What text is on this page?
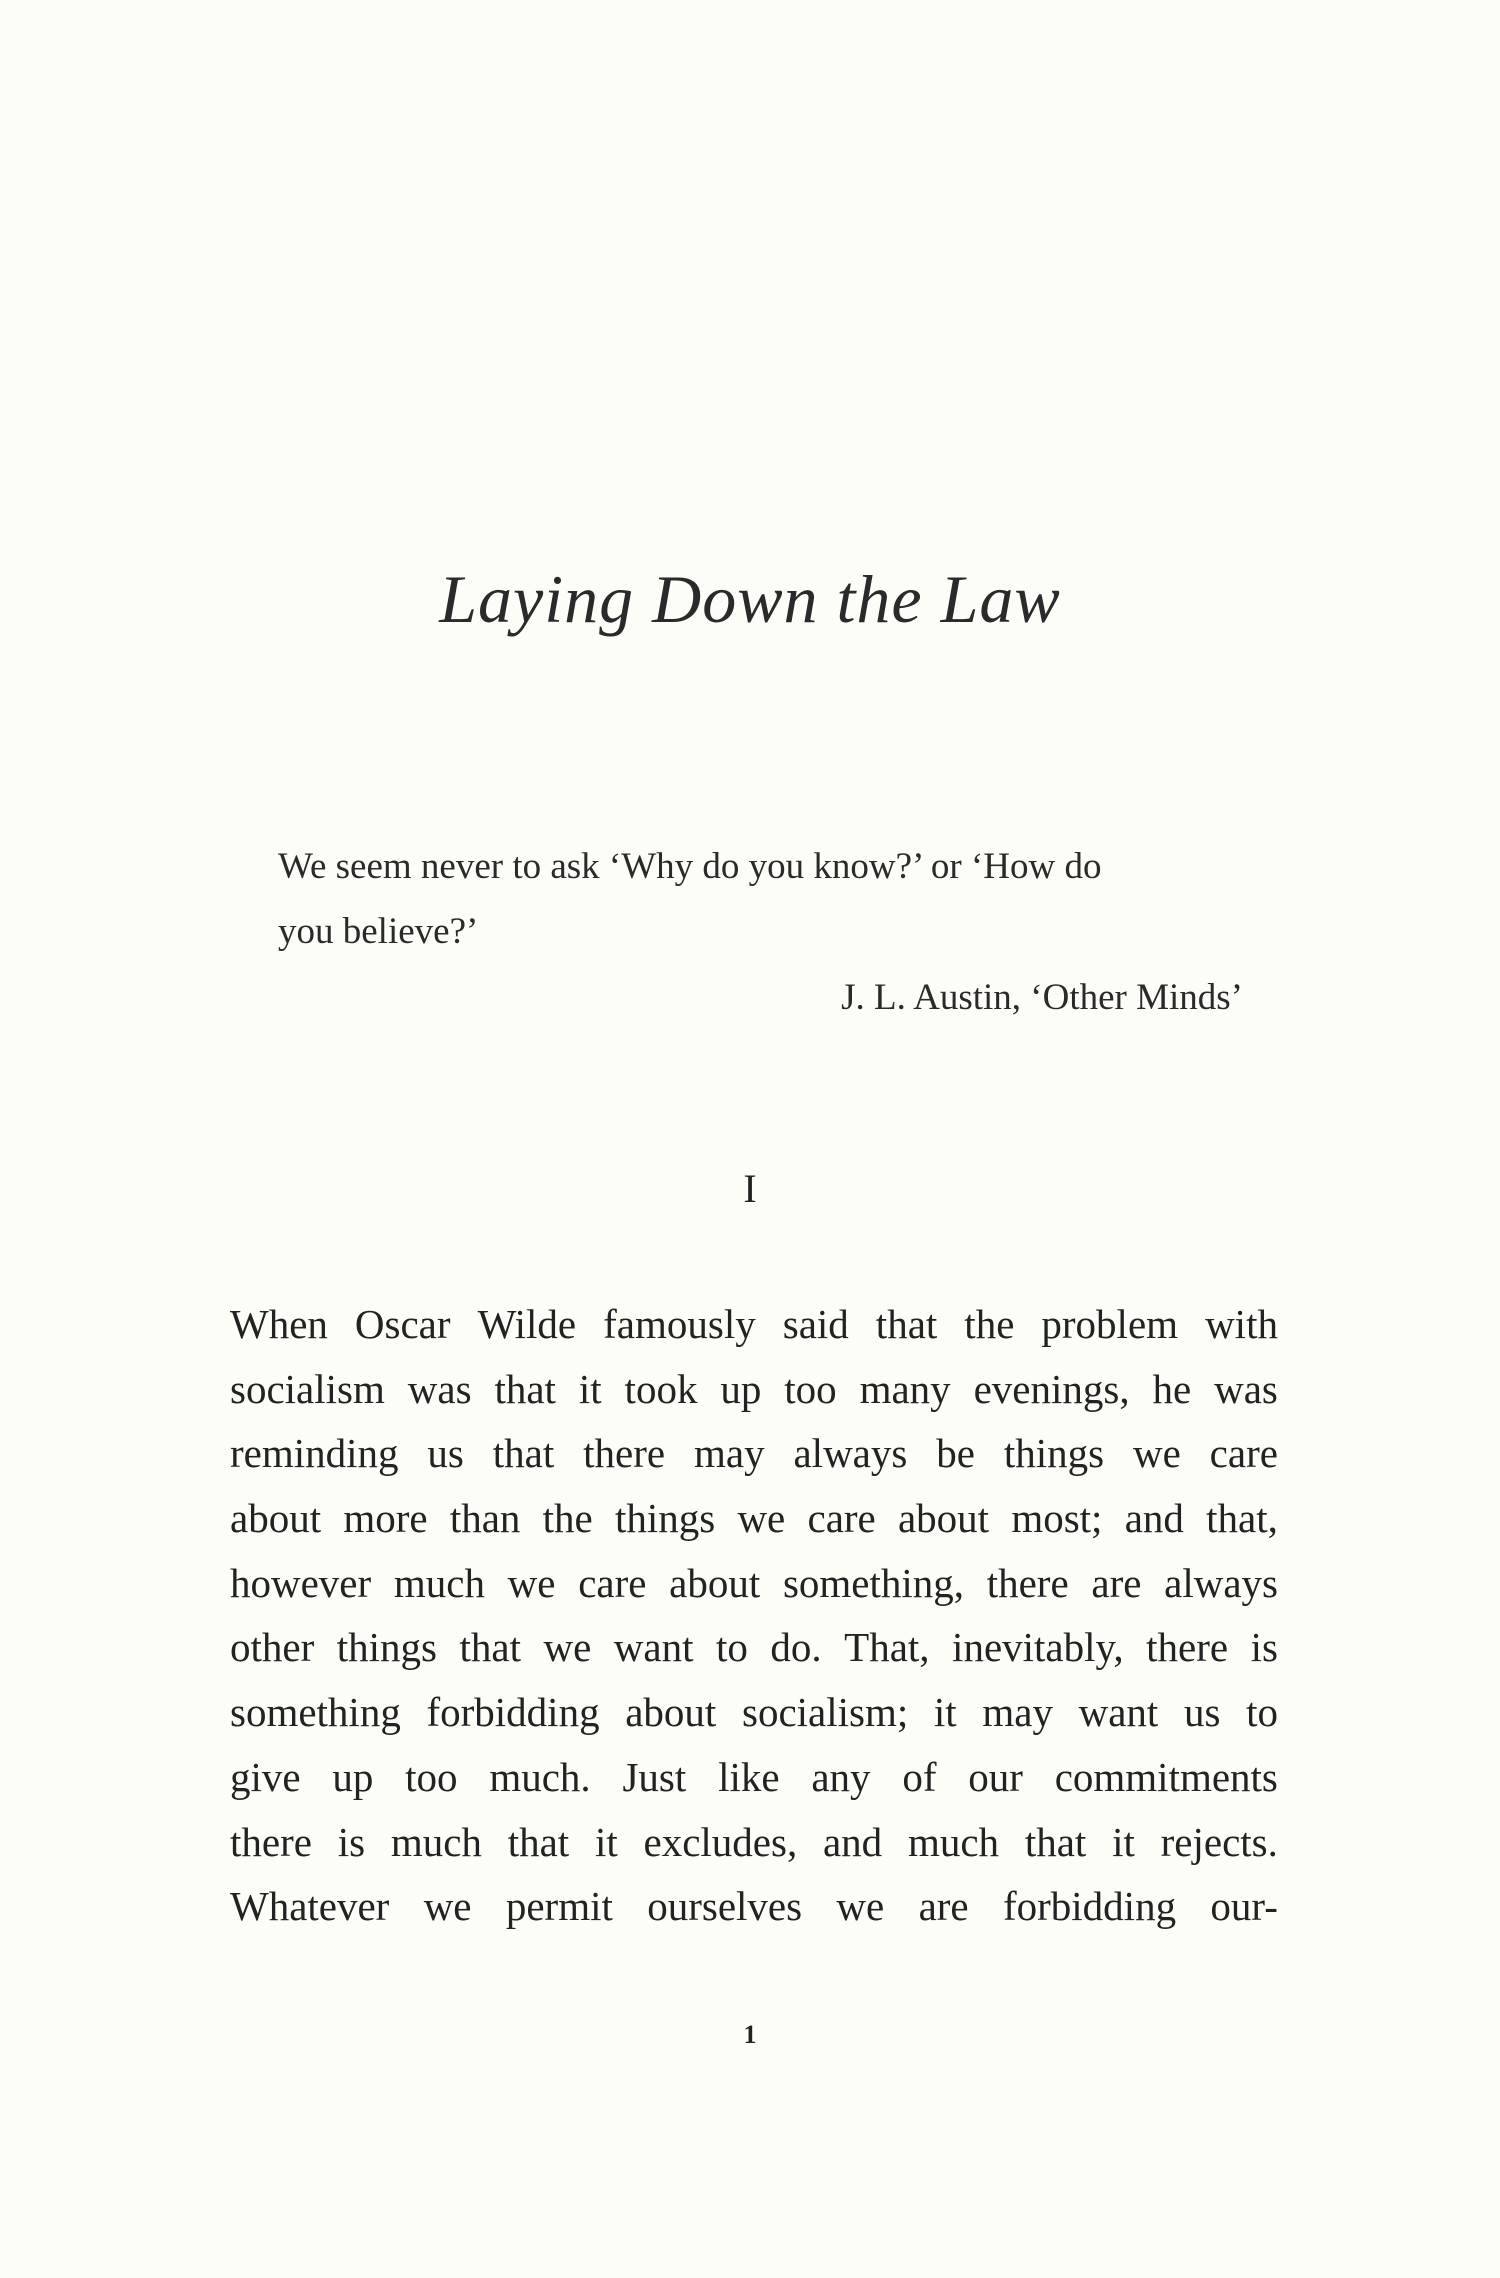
Laying Down the Law
We seem never to ask ‘Why do you know?’ or ‘How do
you believe?’
J. L. Austin, ‘Other Minds’
I
When Oscar Wilde famously said that the problem with
socialism was that it took up too many evenings, he was
reminding us that there may always be things we care
about more than the things we care about most; and that,
however much we care about something, there are always
other things that we want to do. That, inevitably, there is
something forbidding about socialism; it may want us to
give up too much. Just like any of our commitments
there is much that it excludes, and much that it rejects.
Whatever we permit ourselves we are forbidding our-
1
